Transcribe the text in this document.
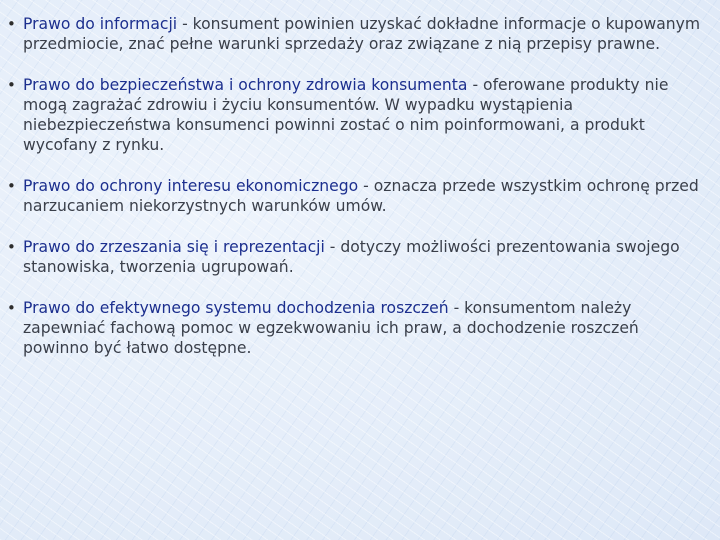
• Prawo do informacji - konsument powinien uzyskać dokładne informacje o kupowanym przedmiocie, znać pełne warunki sprzedaży oraz związane z nią przepisy prawne.
• Prawo do bezpieczeństwa i ochrony zdrowia konsumenta - oferowane produkty nie mogą zagrażać zdrowiu i życiu konsumentów. W wypadku wystąpienia niebezpieczeństwa konsumenci powinni zostać o nim poinformowani, a produkt wycofany z rynku.
• Prawo do ochrony interesu ekonomicznego - oznacza przede wszystkim ochronę przed narzucaniem niekorzystnych warunków umów.
• Prawo do zrzeszania się i reprezentacji - dotyczy możliwości prezentowania swojego stanowiska, tworzenia ugrupowań.
• Prawo do efektywnego systemu dochodzenia roszczeń - konsumentom należy zapewniać fachową pomoc w egzekwowaniu ich praw, a dochodzenie roszczeń powinno być łatwo dostępne.
